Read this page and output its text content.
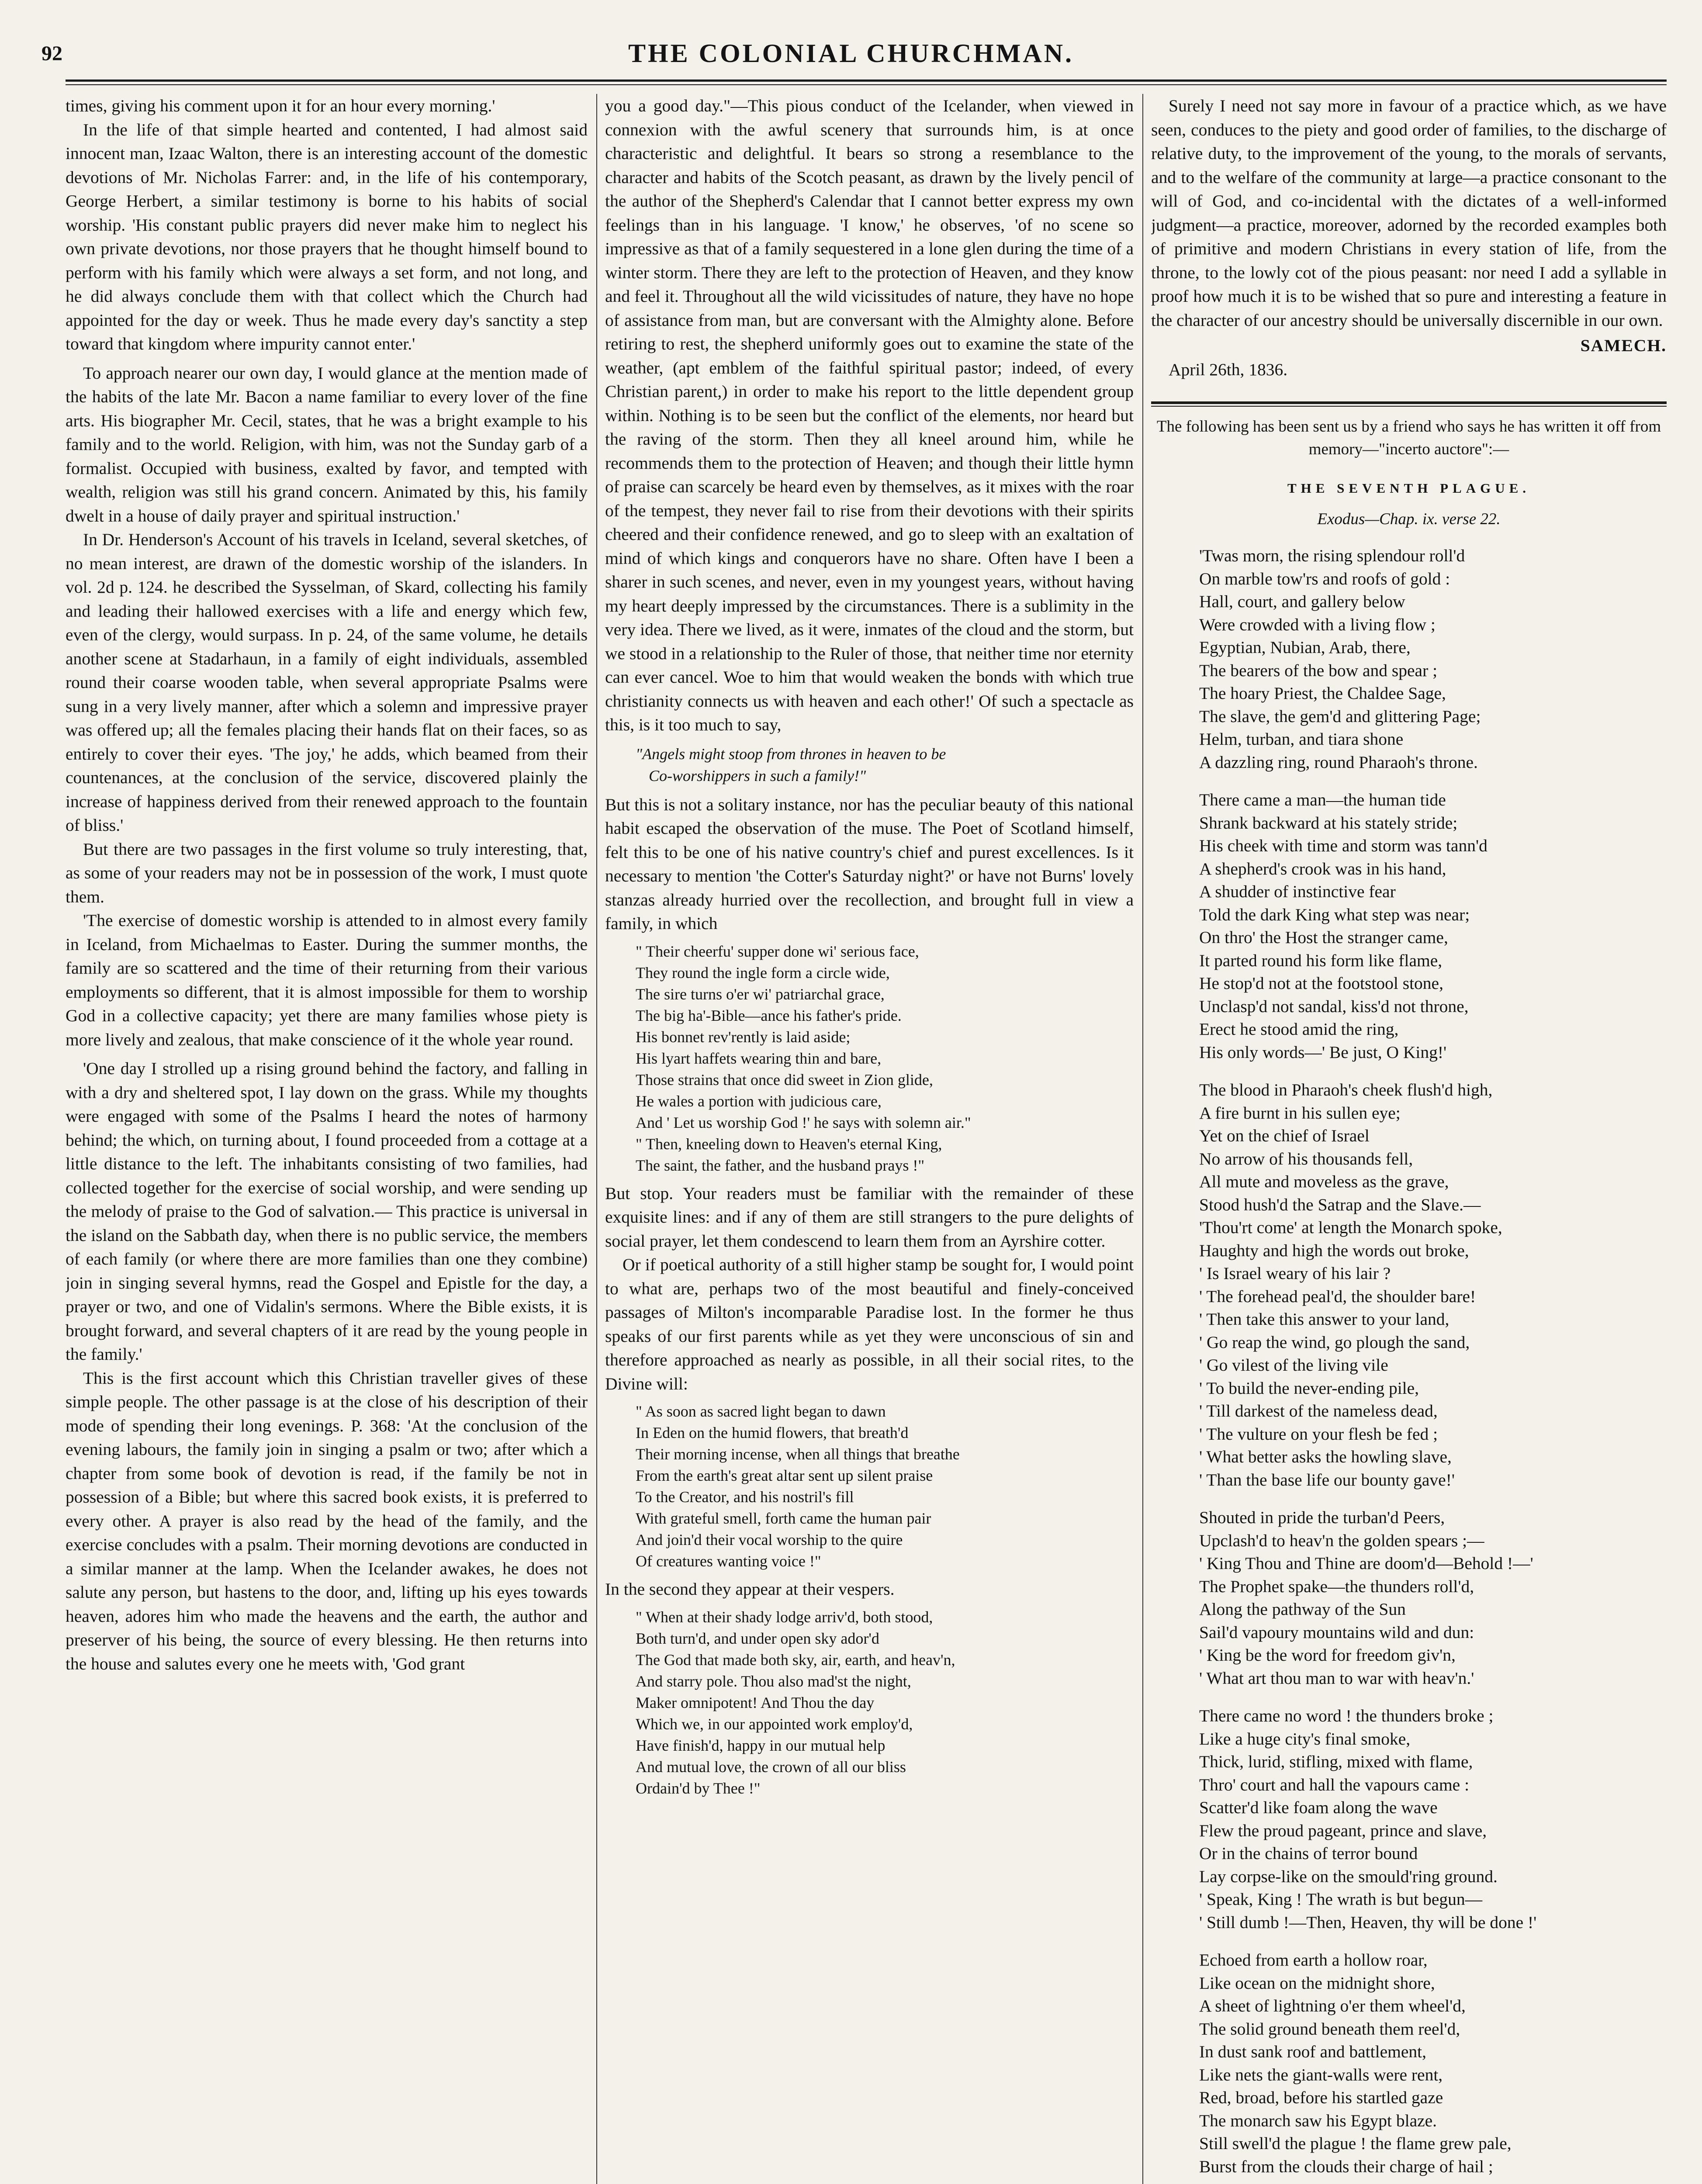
92	THE COLONIAL CHURCHMAN.

times, giving his comment upon it for an hour every morning.'

In the life of that simple hearted and contented, I had almost said innocent man, Izaac Walton, there is an interesting account of the domestic devotions of Mr. Nicholas Farrer: and, in the life of his contemporary, George Herbert, a similar testimony is borne to his habits of social worship. 'His constant public prayers did never make him to neglect his own private devotions, nor those prayers that he thought himself bound to perform with his family which were always a set form, and not long, and he did always conclude them with that collect which the Church had appointed for the day or week. Thus he made every day's sanctity a step toward that kingdom where impurity cannot enter.'

To approach nearer our own day, I would glance at the mention made of the habits of the late Mr. Bacon a name familiar to every lover of the fine arts. His biographer Mr. Cecil, states, that he was a bright example to his family and to the world. Religion, with him, was not the Sunday garb of a formalist. Occupied with business, exalted by favor, and tempted with wealth, religion was still his grand concern. Animated by this, his family dwelt in a house of daily prayer and spiritual instruction.'

In Dr. Henderson's Account of his travels in Iceland, several sketches, of no mean interest, are drawn of the domestic worship of the islanders. In vol. 2d p. 124. he described the Sysselman, of Skard, collecting his family and leading their hallowed exercises with a life and energy which few, even of the clergy, would surpass. In p. 24, of the same volume, he details another scene at Stadarhaun, in a family of eight individuals, assembled round their coarse wooden table, when several appropriate Psalms were sung in a very lively manner, after which a solemn and impressive prayer was offered up; all the females placing their hands flat on their faces, so as entirely to cover their eyes. 'The joy,' he adds, which beamed from their countenances, at the conclusion of the service, discovered plainly the increase of happiness derived from their renewed approach to the fountain of bliss.'

But there are two passages in the first volume so truly interesting, that, as some of your readers may not be in possession of the work, I must quote them.

'The exercise of domestic worship is attended to in almost every family in Iceland, from Michaelmas to Easter. During the summer months, the family are so scattered and the time of their returning from their various employments so different, that it is almost impossible for them to worship God in a collective capacity; yet there are many families whose piety is more lively and zealous, that make conscience of it the whole year round.

'One day I strolled up a rising ground behind the factory, and falling in with a dry and sheltered spot, I lay down on the grass. While my thoughts were engaged with some of the Psalms I heard the notes of harmony behind; the which, on turning about, I found proceeded from a cottage at a little distance to the left. The inhabitants consisting of two families, had collected together for the exercise of social worship, and were sending up the melody of praise to the God of salvation.— This practice is universal in the island on the Sabbath day, when there is no public service, the members of each family (or where there are more families than one they combine) join in singing several hymns, read the Gospel and Epistle for the day, a prayer or two, and one of Vidalin's sermons. Where the Bible exists, it is brought forward, and several chapters of it are read by the young people in the family.'

This is the first account which this Christian traveller gives of these simple people. The other passage is at the close of his description of their mode of spending their long evenings. P. 368: 'At the conclusion of the evening labours, the family join in singing a psalm or two; after which a chapter from some book of devotion is read, if the family be not in possession of a Bible; but where this sacred book exists, it is preferred to every other. A prayer is also read by the head of the family, and the exercise concludes with a psalm. Their morning devotions are conducted in a similar manner at the lamp. When the Icelander awakes, he does not salute any person, but hastens to the door, and, lifting up his eyes towards heaven, adores him who made the heavens and the earth, the author and preserver of his being, the source of every blessing. He then returns into the house and salutes every one he meets with, 'God grant

you a good day."—This pious conduct of the Icelander, when viewed in connexion with the awful scenery that surrounds him, is at once characteristic and delightful. It bears so strong a resemblance to the character and habits of the Scotch peasant, as drawn by the lively pencil of the author of the Shepherd's Calendar that I cannot better express my own feelings than in his language. 'I know,' he observes, 'of no scene so impressive as that of a family sequestered in a lone glen during the time of a winter storm. There they are left to the protection of Heaven, and they know and feel it. Throughout all the wild vicissitudes of nature, they have no hope of assistance from man, but are conversant with the Almighty alone. Before retiring to rest, the shepherd uniformly goes out to examine the state of the weather, (apt emblem of the faithful spiritual pastor; indeed, of every Christian parent,) in order to make his report to the little dependent group within. Nothing is to be seen but the conflict of the elements, nor heard but the raving of the storm. Then they all kneel around him, while he recommends them to the protection of Heaven; and though their little hymn of praise can scarcely be heard even by themselves, as it mixes with the roar of the tempest, they never fail to rise from their devotions with their spirits cheered and their confidence renewed, and go to sleep with an exaltation of mind of which kings and conquerors have no share. Often have I been a sharer in such scenes, and never, even in my youngest years, without having my heart deeply impressed by the circumstances. There is a sublimity in the very idea. There we lived, as it were, inmates of the cloud and the storm, but we stood in a relationship to the Ruler of those, that neither time nor eternity can ever cancel. Woe to him that would weaken the bonds with which true christianity connects us with heaven and each other!' Of such a spectacle as this, is it too much to say,

"Angels might stoop from thrones in heaven to be
Co-worshippers in such a family!"

But this is not a solitary instance, nor has the peculiar beauty of this national habit escaped the observation of the muse. The Poet of Scotland himself, felt this to be one of his native country's chief and purest excellences. Is it necessary to mention 'the Cotter's Saturday night?' or have not Burns' lovely stanzas already hurried over the recollection, and brought full in view a family, in which

" Their cheerfu' supper done wi' serious face,
They round the ingle form a circle wide,
The sire turns o'er wi' patriarchal grace,
The big ha'-Bible—ance his father's pride.
His bonnet rev'rently is laid aside;
His lyart haffets wearing thin and bare,
Those strains that once did sweet in Zion glide,
He wales a portion with judicious care,
And ' Let us worship God !' he says with solemn air."
" Then, kneeling down to Heaven's eternal King,
The saint, the father, and the husband prays !"

But stop. Your readers must be familiar with the remainder of these exquisite lines: and if any of them are still strangers to the pure delights of social prayer, let them condescend to learn them from an Ayrshire cotter.

Or if poetical authority of a still higher stamp be sought for, I would point to what are, perhaps two of the most beautiful and finely-conceived passages of Milton's incomparable Paradise lost. In the former he thus speaks of our first parents while as yet they were unconscious of sin and therefore approached as nearly as possible, in all their social rites, to the Divine will:

" As soon as sacred light began to dawn
In Eden on the humid flowers, that breath'd
Their morning incense, when all things that breathe
From the earth's great altar sent up silent praise
To the Creator, and his nostril's fill
With grateful smell, forth came the human pair
And join'd their vocal worship to the quire
Of creatures wanting voice !"

In the second they appear at their vespers.

" When at their shady lodge arriv'd, both stood,
Both turn'd, and under open sky ador'd
The God that made both sky, air, earth, and heav'n,
And starry pole. Thou also mad'st the night,
Maker omnipotent! And Thou the day
Which we, in our appointed work employ'd,
Have finish'd, happy in our mutual help
And mutual love, the crown of all our bliss
Ordain'd by Thee !"

Surely I need not say more in favour of a practice which, as we have seen, conduces to the piety and good order of families, to the discharge of relative duty, to the improvement of the young, to the morals of servants, and to the welfare of the community at large—a practice consonant to the will of God, and co-incidental with the dictates of a well-informed judgment—a practice, moreover, adorned by the recorded examples both of primitive and modern Christians in every station of life, from the throne, to the lowly cot of the pious peasant: nor need I add a syllable in proof how much it is to be wished that so pure and interesting a feature in the character of our ancestry should be universally discernible in our own.

SAMECH.
April 26th, 1836.

The following has been sent us by a friend who says he has written it off from memory—"incerto auctore":—

THE SEVENTH PLAGUE.
Exodus—Chap. ix. verse 22.
'Twas morn, the rising splendour roll'd
On marble tow'rs and roofs of gold :
Hall, court, and gallery below
Were crowded with a living flow ;
Egyptian, Nubian, Arab, there,
The bearers of the bow and spear ;
The hoary Priest, the Chaldee Sage,
The slave, the gem'd and glittering Page;
Helm, turban, and tiara shone
A dazzling ring, round Pharaoh's throne.
There came a man—the human tide
Shrank backward at his stately stride;
His cheek with time and storm was tann'd
A shepherd's crook was in his hand,
A shudder of instinctive fear
Told the dark King what step was near;
On thro' the Host the stranger came,
It parted round his form like flame,
He stop'd not at the footstool stone,
Unclasp'd not sandal, kiss'd not throne,
Erect he stood amid the ring,
His only words—' Be just, O King!'
The blood in Pharaoh's cheek flush'd high,
A fire burnt in his sullen eye;
Yet on the chief of Israel
No arrow of his thousands fell,
All mute and moveless as the grave,
Stood hush'd the Satrap and the Slave.—
'Thou'rt come' at length the Monarch spoke,
Haughty and high the words out broke,
' Is Israel weary of his lair ?
' The forehead peal'd, the shoulder bare!
' Then take this answer to your land,
' Go reap the wind, go plough the sand,
' Go vilest of the living vile
' To build the never-ending pile,
' Till darkest of the nameless dead,
' The vulture on your flesh be fed ;
' What better asks the howling slave,
' Than the base life our bounty gave!'
Shouted in pride the turban'd Peers,
Upclash'd to heav'n the golden spears ;—
' King Thou and Thine are doom'd—Behold !—'
The Prophet spake—the thunders roll'd,
Along the pathway of the Sun
Sail'd vapoury mountains wild and dun:
' King be the word for freedom giv'n,
' What art thou man to war with heav'n.'
There came no word ! the thunders broke ;
Like a huge city's final smoke,
Thick, lurid, stifling, mixed with flame,
Thro' court and hall the vapours came :
Scatter'd like foam along the wave
Flew the proud pageant, prince and slave,
Or in the chains of terror bound
Lay corpse-like on the smould'ring ground.
' Speak, King ! The wrath is but begun—
' Still dumb !—Then, Heaven, thy will be done !'
Echoed from earth a hollow roar,
Like ocean on the midnight shore,
A sheet of lightning o'er them wheel'd,
The solid ground beneath them reel'd,
In dust sank roof and battlement,
Like nets the giant-walls were rent,
Red, broad, before his startled gaze
The monarch saw his Egypt blaze.
Still swell'd the plague ! the flame grew pale,
Burst from the clouds their charge of hail ;
